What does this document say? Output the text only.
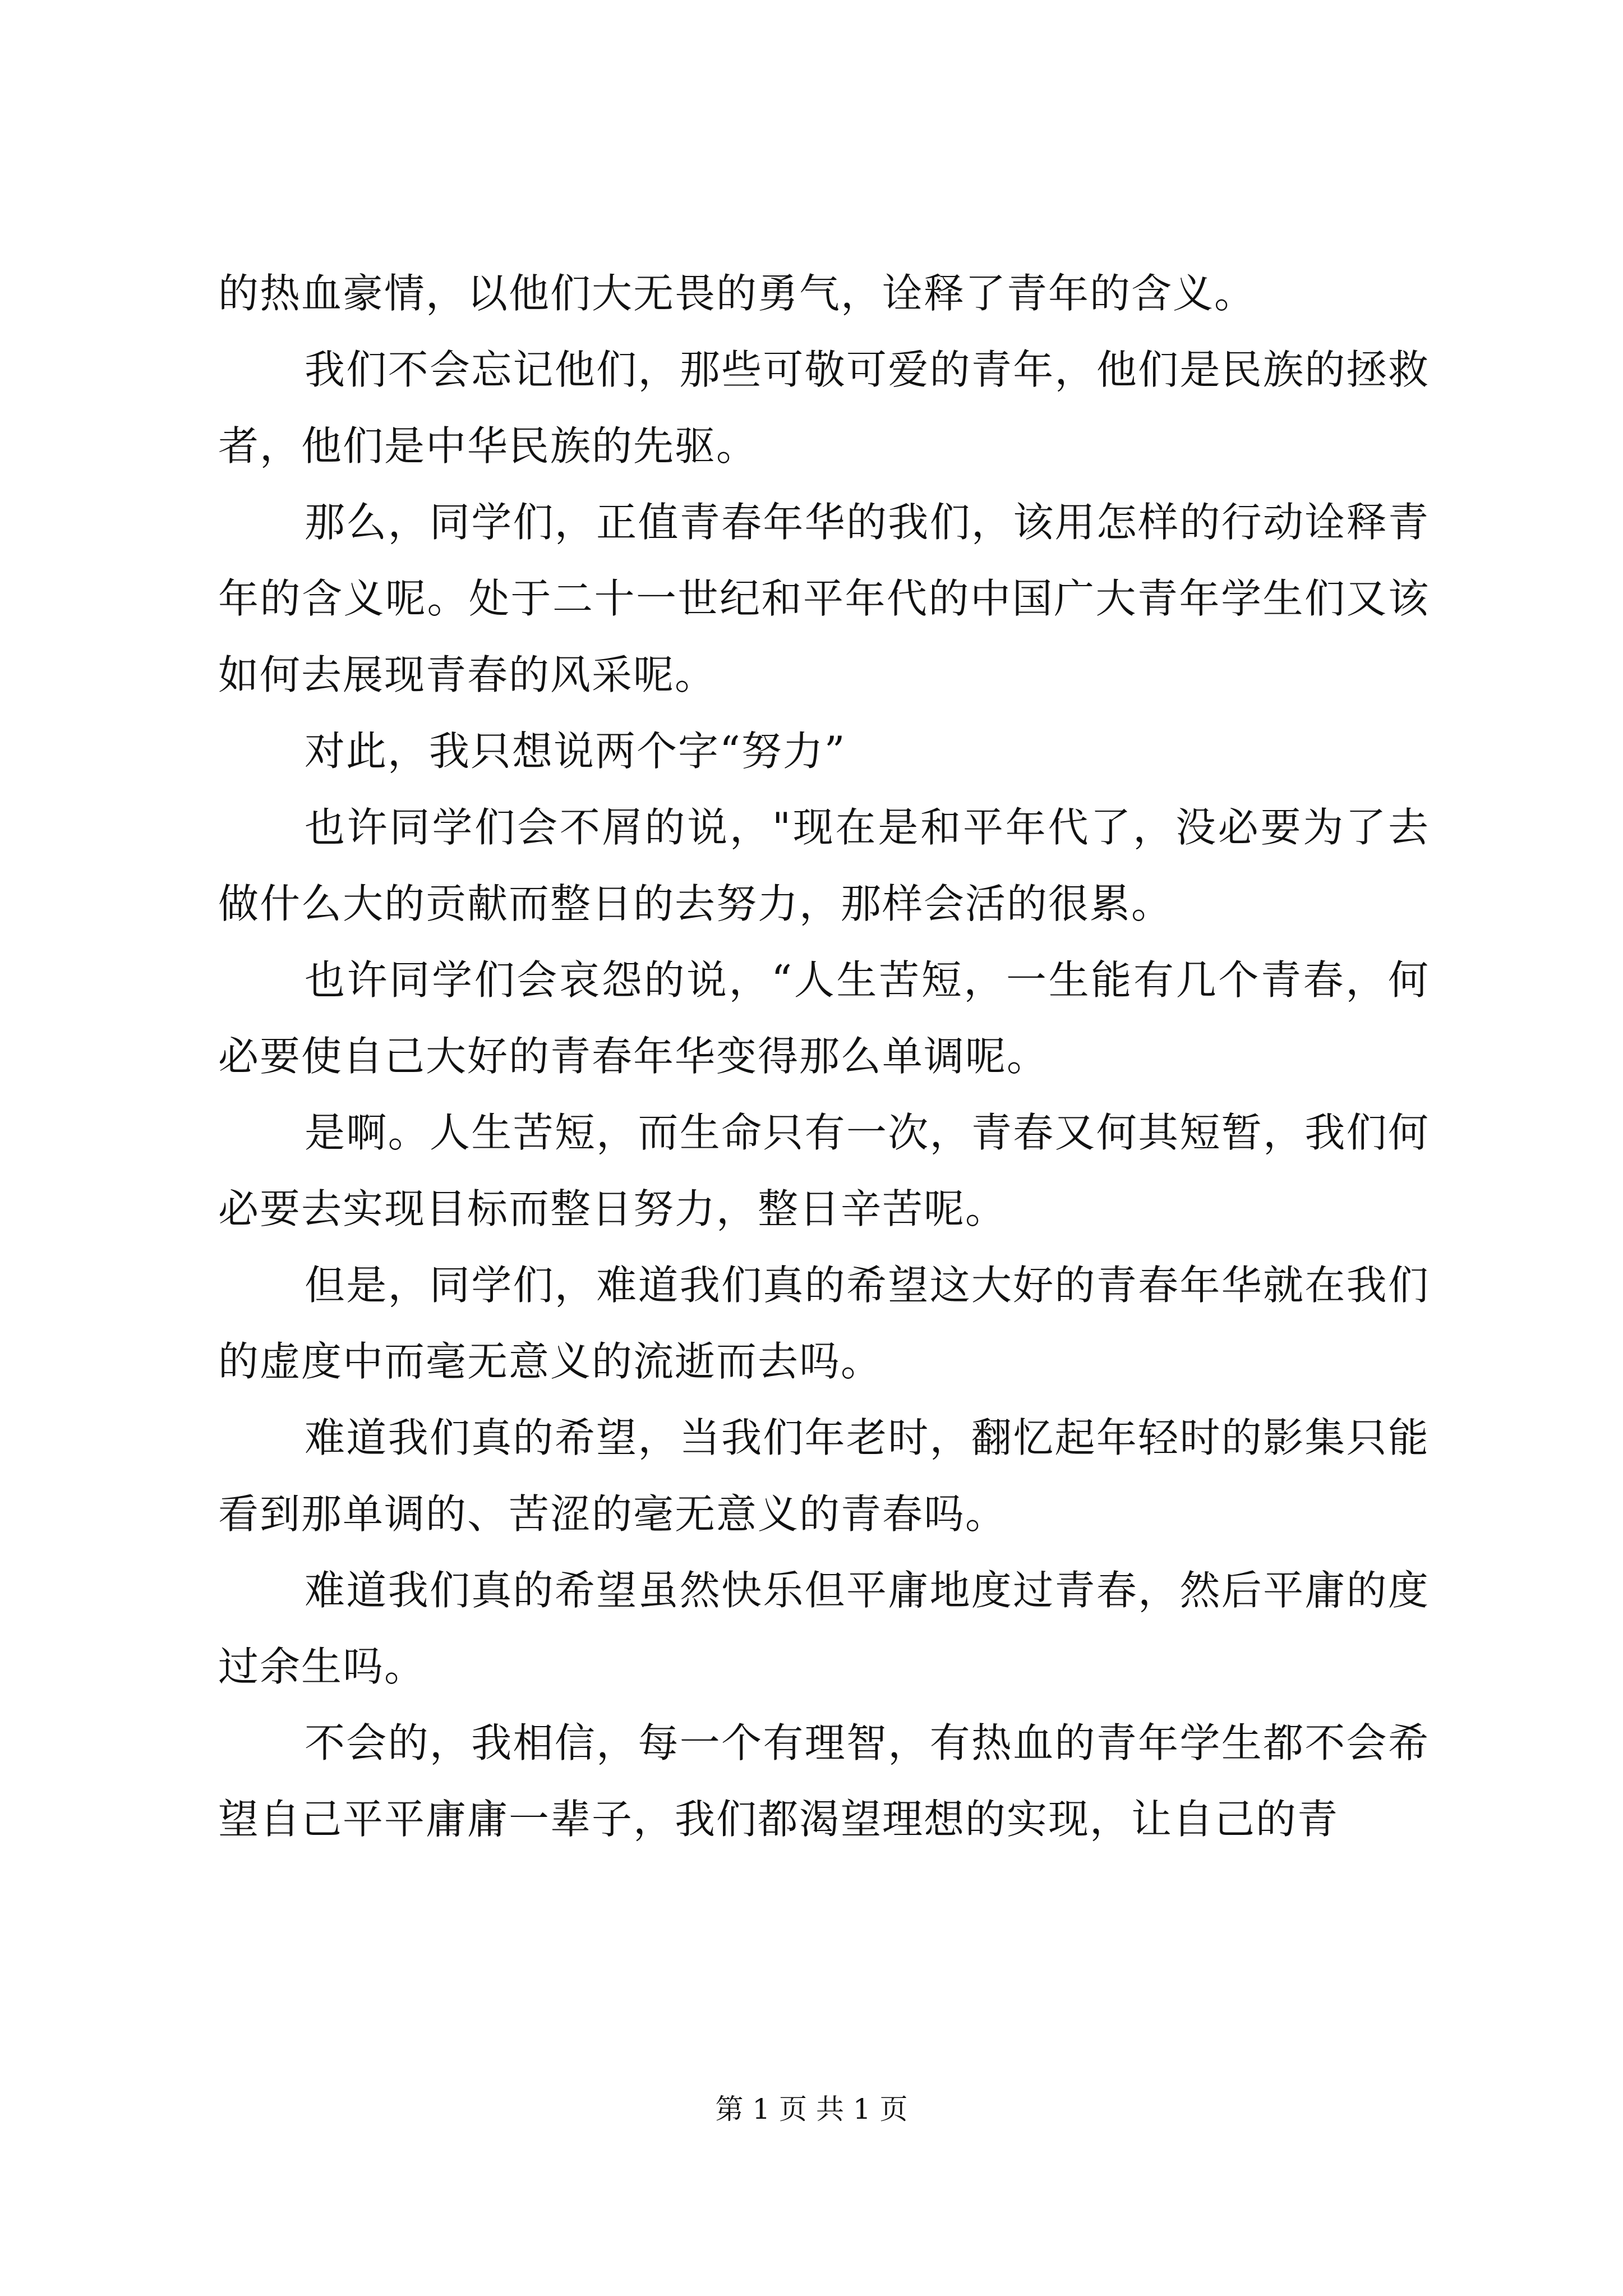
的热血豪情，以他们大无畏的勇气，诠释了青年的含义。

我们不会忘记他们，那些可敬可爱的青年，他们是民族的拯救者，他们是中华民族的先驱。

那么，同学们，正值青春年华的我们，该用怎样的行动诠释青年的含义呢。处于二十一世纪和平年代的中国广大青年学生们又该如何去展现青春的风采呢。

对此，我只想说两个字“努力”

也许同学们会不屑的说，"现在是和平年代了，没必要为了去做什么大的贡献而整日的去努力，那样会活的很累。

也许同学们会哀怨的说，“人生苦短，一生能有几个青春，何必要使自己大好的青春年华变得那么单调呢。

是啊。人生苦短，而生命只有一次，青春又何其短暂，我们何必要去实现目标而整日努力，整日辛苦呢。

但是，同学们，难道我们真的希望这大好的青春年华就在我们的虚度中而毫无意义的流逝而去吗。

难道我们真的希望，当我们年老时，翻忆起年轻时的影集只能看到那单调的、苦涩的毫无意义的青春吗。

难道我们真的希望虽然快乐但平庸地度过青春，然后平庸的度过余生吗。

不会的，我相信，每一个有理智，有热血的青年学生都不会希望自己平平庸庸一辈子，我们都渴望理想的实现，让自己的青

第 1 页 共 1 页
